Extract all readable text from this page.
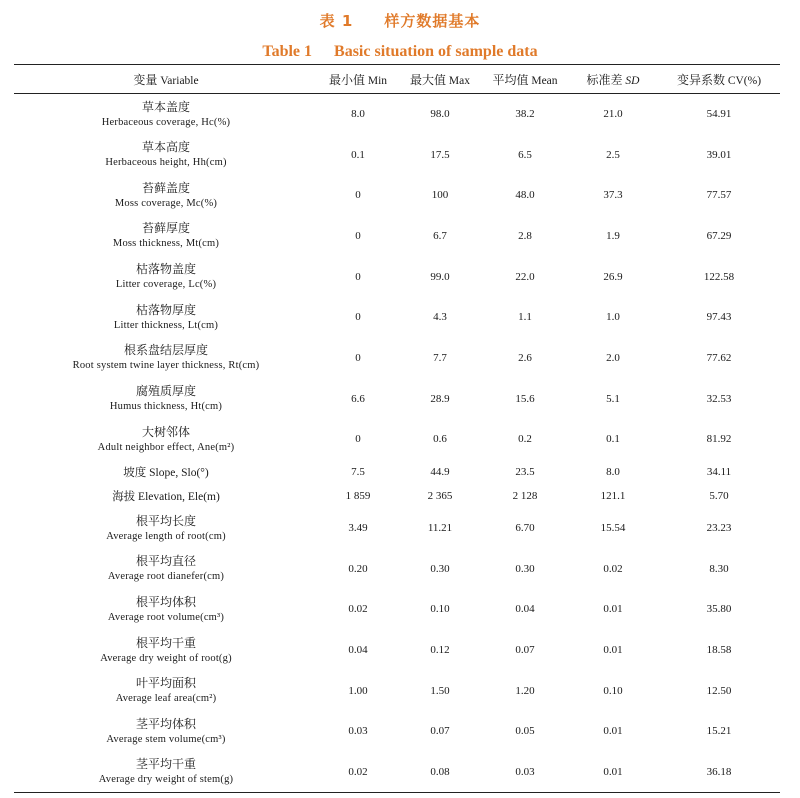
表 1 样方数据基本
Table 1 Basic situation of sample data
变量 Variable	最小值 Min	最大值 Max	平均值 Mean	标准差 SD	变异系数 CV(%)

草本盖度
Herbaceous coverage, Hc(%)	8.0	98.0	38.2	21.0	54.91

草本高度
Herbaceous height, Hh(cm)	0.1	17.5	6.5	2.5	39.01

苔藓盖度
Moss coverage, Mc(%)	0	100	48.0	37.3	77.57

苔藓厚度
Moss thickness, Mt(cm)	0	6.7	2.8	1.9	67.29

枯落物盖度
Litter coverage, Lc(%)	0	99.0	22.0	26.9	122.58

枯落物厚度
Litter thickness, Lt(cm)	0	4.3	1.1	1.0	97.43

根系盘结层厚度
Root system twine layer thickness, Rt(cm)	0	7.7	2.6	2.0	77.62

腐殖质厚度
Humus thickness, Ht(cm)	6.6	28.9	15.6	5.1	32.53

大树邻体
Adult neighbor effect, Ane(m²)	0	0.6	0.2	0.1	81.92
坡度 Slope, Slo(°)	7.5	44.9	23.5	8.0	34.11
海拔 Elevation, Ele(m)	1 859	2 365	2 128	121.1	5.70

根平均长度
Average length of root(cm)	3.49	11.21	6.70	15.54	23.23

根平均直径
Average root dianefer(cm)	0.20	0.30	0.30	0.02	8.30

根平均体积
Average root volume(cm³)	0.02	0.10	0.04	0.01	35.80

根平均干重
Average dry weight of root(g)	0.04	0.12	0.07	0.01	18.58

叶平均面积
Average leaf area(cm²)	1.00	1.50	1.20	0.10	12.50

茎平均体积
Average stem volume(cm³)	0.03	0.07	0.05	0.01	15.21

茎平均干重
Average dry weight of stem(g)	0.02	0.08	0.03	0.01	36.18
